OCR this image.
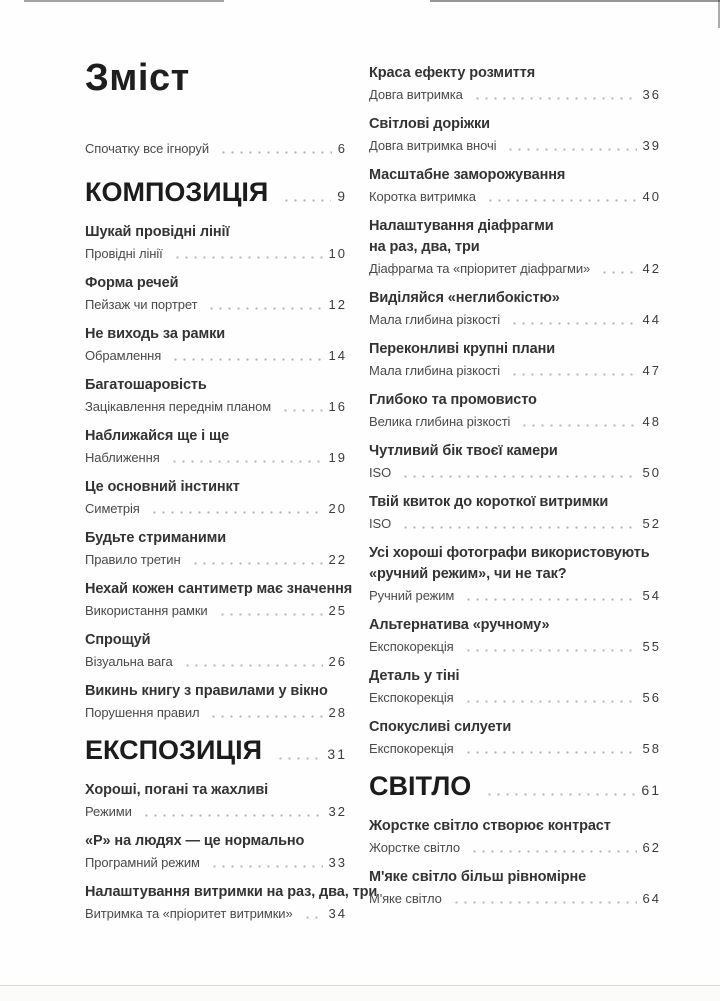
Зміст
Спочатку все ігноруй	6
КОМПОЗИЦІЯ	9
Шукай провідні лінії
Провідні лінії	10
Форма речей
Пейзаж чи портрет	12
Не виходь за рамки
Обрамлення	14
Багатошаровість
Зацікавлення переднім планом	16
Наближайся ще і ще
Наближення	19
Це основний інстинкт
Симетрія	20
Будьте стриманими
Правило третин	22
Нехай кожен сантиметр має значення
Використання рамки	25
Спрощуй
Візуальна вага	26
Викинь книгу з правилами у вікно
Порушення правил	28
ЕКСПОЗИЦІЯ	31
Хороші, погані та жахливі
Режими	32
«Р» на людях — це нормально
Програмний режим	33
Налаштування витримки на раз, два, три
Витримка та «пріоритет витримки»	34
Краса ефекту розмиття
Довга витримка	36
Світлові доріжки
Довга витримка вночі	39
Масштабне заморожування
Коротка витримка	40
Налаштування діафрагми
на раз, два, три
Діафрагма та «пріоритет діафрагми»	42
Виділяйся «неглибокістю»
Мала глибина різкості	44
Переконливі крупні плани
Мала глибина різкості	47
Глибоко та промовисто
Велика глибина різкості	48
Чутливий бік твоєї камери
ISO	50
Твій квиток до короткої витримки
ISO	52
Усі хороші фотографи використовують
«ручний режим», чи не так?
Ручний режим	54
Альтернатива «ручному»
Експокорекція	55
Деталь у тіні
Експокорекція	56
Спокусливі силуети
Експокорекція	58
СВІТЛО	61
Жорстке світло створює контраст
Жорстке світло	62
М'яке світло більш рівномірне
М'яке світло	64
